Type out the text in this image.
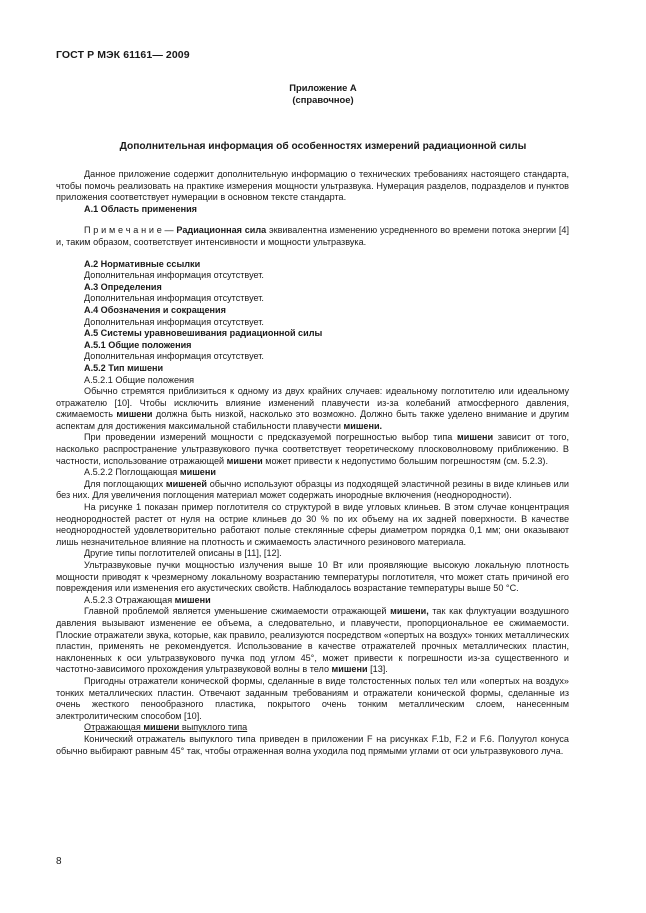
ГОСТ Р МЭК 61161— 2009
Приложение А
(справочное)
Дополнительная информация об особенностях измерений радиационной силы

Данное приложение содержит дополнительную информацию о технических требованиях настоящего стандарта, чтобы помочь реализовать на практике измерения мощности ультразвука. Нумерация разделов, подразделов и пунктов приложения соответствует нумерации в основном тексте стандарта.

А.1 Область применения

П р и м е ч а н и е — Радиационная сила эквивалентна изменению усредненного во времени потока энергии [4] и, таким образом, соответствует интенсивности и мощности ультразвука.

А.2 Нормативные ссылки

Дополнительная информация отсутствует.

А.3 Определения

Дополнительная информация отсутствует.

А.4 Обозначения и сокращения

Дополнительная информация отсутствует.

А.5 Системы уравновешивания радиационной силы

А.5.1 Общие положения

Дополнительная информация отсутствует.

А.5.2 Тип мишени

А.5.2.1 Общие положения

Обычно стремятся приблизиться к одному из двух крайних случаев: идеальному поглотителю или идеальному отражателю [10]. Чтобы исключить влияние изменений плавучести из-за колебаний атмосферного давления, сжимаемость мишени должна быть низкой, насколько это возможно. Должно быть также уделено внимание и другим аспектам для достижения максимальной стабильности плавучести мишени.

При проведении измерений мощности с предсказуемой погрешностью выбор типа мишени зависит от того, насколько распространение ультразвукового пучка соответствует теоретическому плосковолновому приближению. В частности, использование отражающей мишени может привести к недопустимо большим погрешностям (см. 5.2.3).

А.5.2.2 Поглощающая мишени

Для поглощающих мишеней обычно используют образцы из подходящей эластичной резины в виде клиньев или без них. Для увеличения поглощения материал может содержать инородные включения (неоднородности).

На рисунке 1 показан пример поглотителя со структурой в виде угловых клиньев. В этом случае концентрация неоднородностей растет от нуля на острие клиньев до 30 % по их объему на их задней поверхности. В качестве неоднородностей удовлетворительно работают полые стеклянные сферы диаметром порядка 0,1 мм; они оказывают лишь незначительное влияние на плотность и сжимаемость эластичного резинового материала.

Другие типы поглотителей описаны в [11], [12].

Ультразвуковые пучки мощностью излучения выше 10 Вт или проявляющие высокую локальную плотность мощности приводят к чрезмерному локальному возрастанию температуры поглотителя, что может стать причиной его повреждения или изменения его акустических свойств. Наблюдалось возрастание температуры выше 50 °С.

А.5.2.3 Отражающая мишени

Главной проблемой является уменьшение сжимаемости отражающей мишени, так как флуктуации воздушного давления вызывают изменение ее объема, а следовательно, и плавучести, пропорциональное ее сжимаемости. Плоские отражатели звука, которые, как правило, реализуются посредством «опертых на воздух» тонких металлических пластин, применять не рекомендуется. Использование в качестве отражателей прочных металлических пластин, наклоненных к оси ультразвукового пучка под углом 45°, может привести к погрешности из-за существенного и частотно-зависимого прохождения ультразвуковой волны в тело мишени [13].

Пригодны отражатели конической формы, сделанные в виде толстостенных полых тел или «опертых на воздух» тонких металлических пластин. Отвечают заданным требованиям и отражатели конической формы, сделанные из очень жесткого пенообразного пластика, покрытого очень тонким металлическим слоем, нанесенным электролитическим способом [10].

Отражающая мишени выпуклого типа

Конический отражатель выпуклого типа приведен в приложении F на рисунках F.1b, F.2 и F.6. Полуугол конуса обычно выбирают равным 45° так, чтобы отраженная волна уходила под прямыми углами от оси ультразвукового луча.

8
